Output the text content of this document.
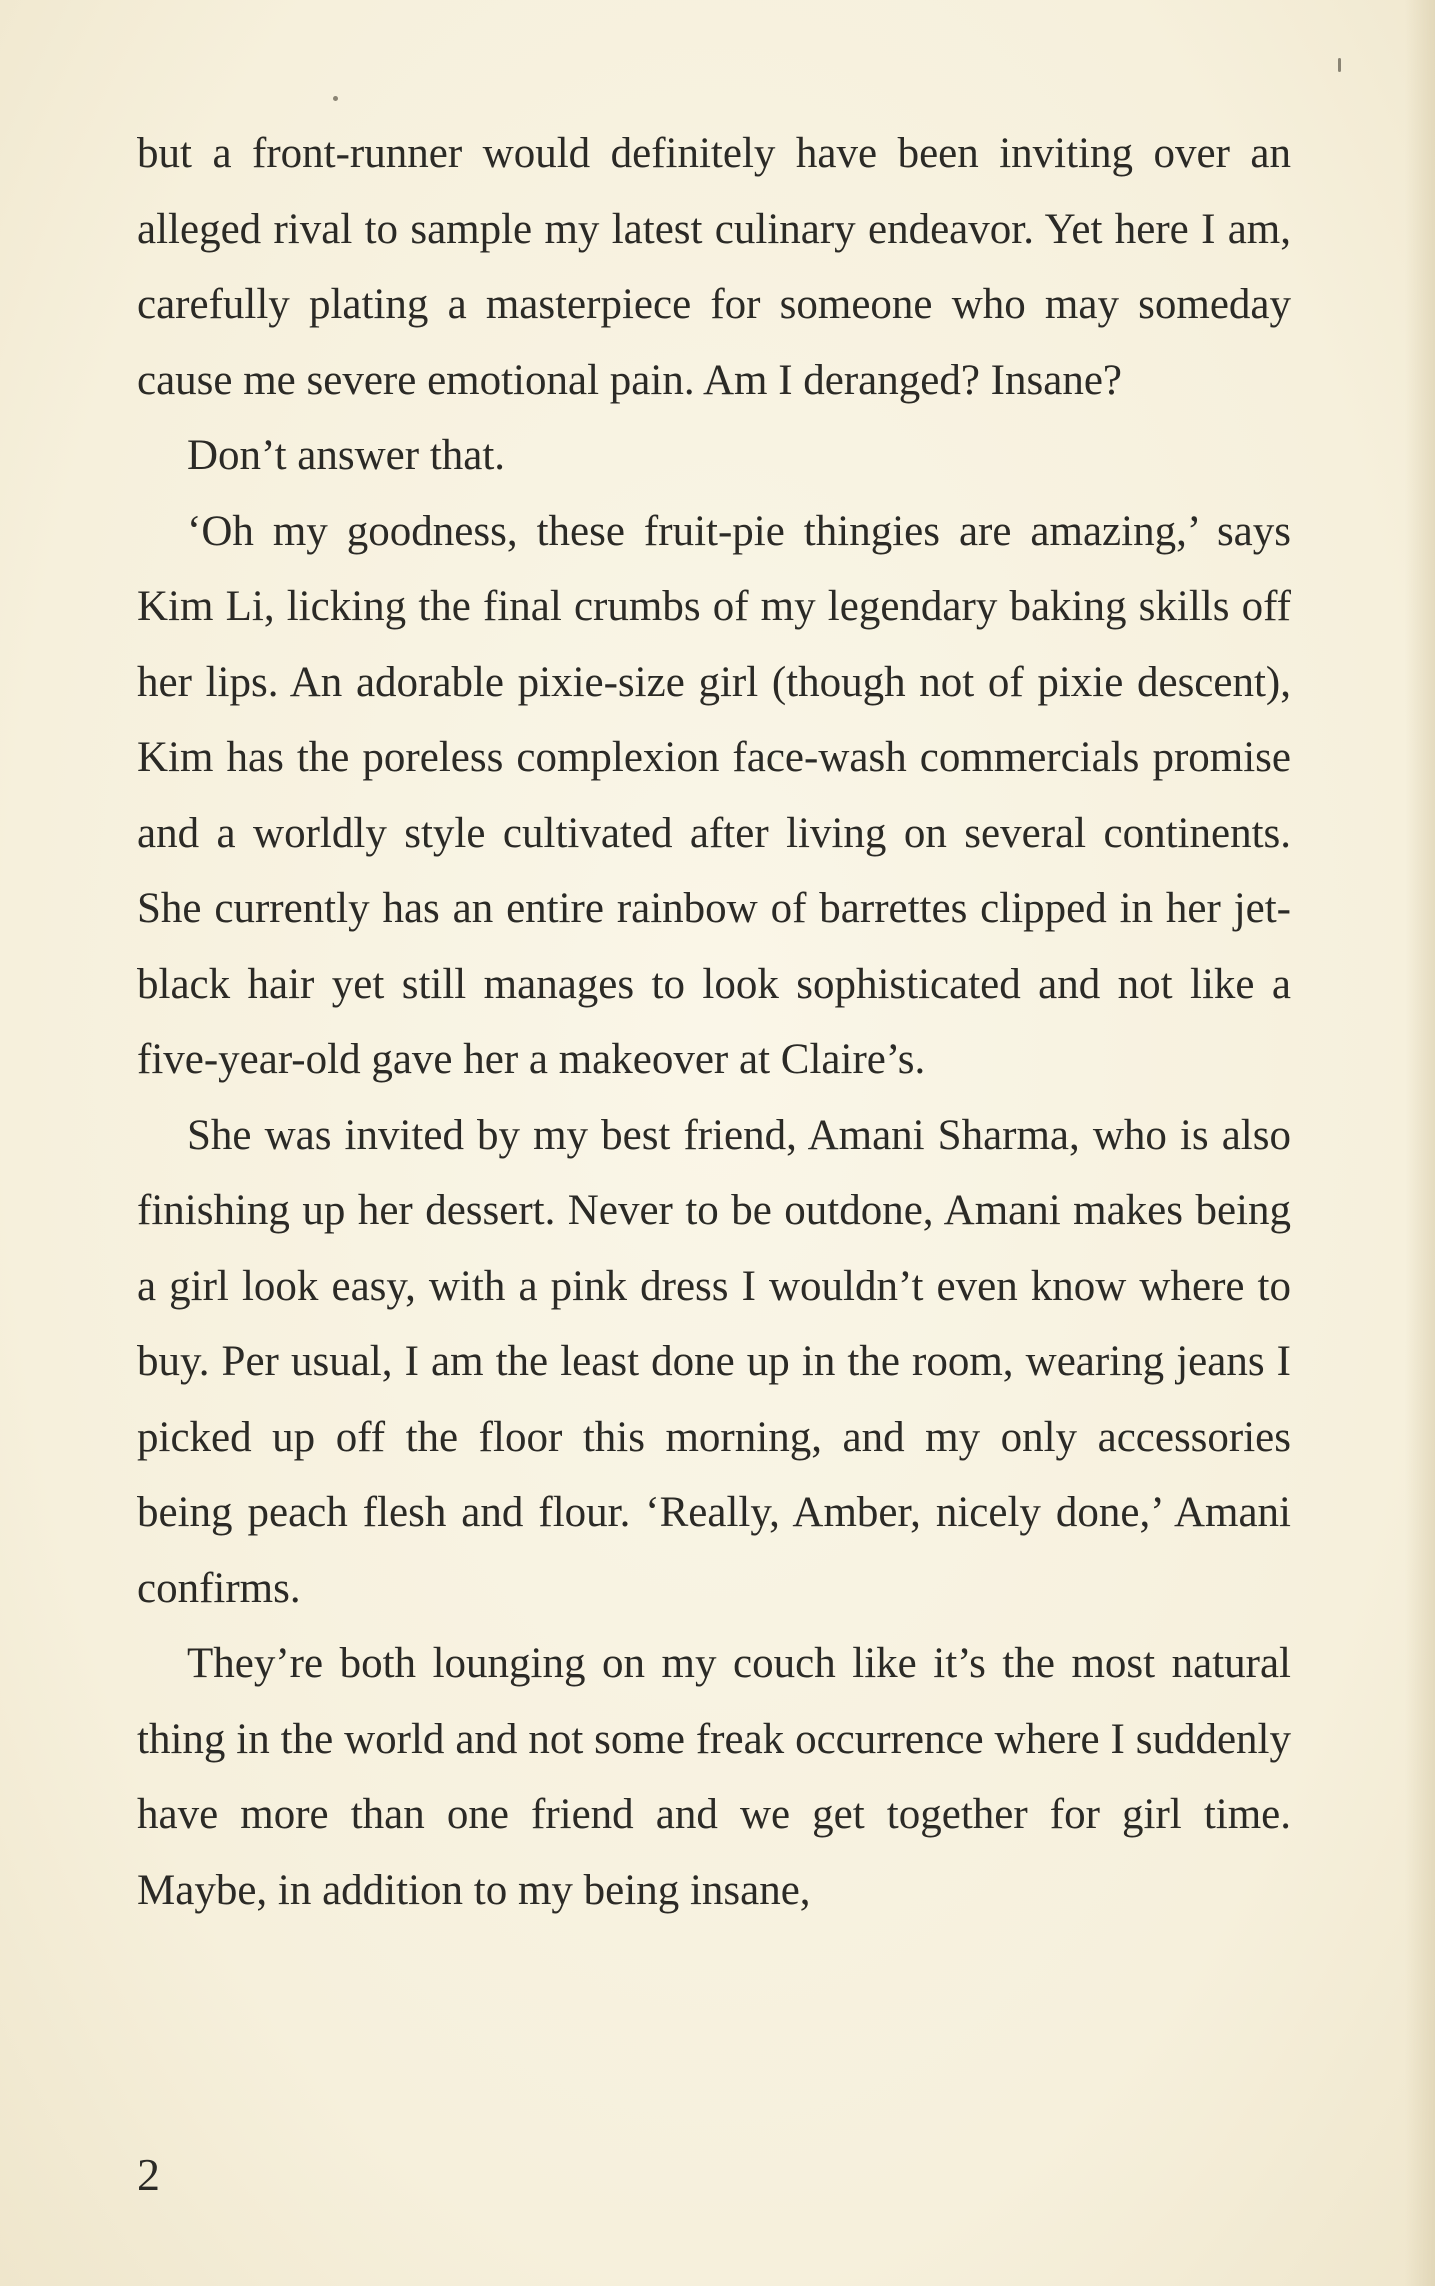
but a front-runner would definitely have been inviting over an alleged rival to sample my latest culinary endeavor. Yet here I am, carefully plating a masterpiece for someone who may someday cause me severe emotional pain. Am I deranged? Insane?

Don’t answer that.

‘Oh my goodness, these fruit-pie thingies are amazing,’ says Kim Li, licking the final crumbs of my legendary baking skills off her lips. An adorable pixie-size girl (though not of pixie descent), Kim has the poreless complexion face-wash commercials promise and a worldly style cultivated after living on several continents. She currently has an entire rainbow of barrettes clipped in her jet-black hair yet still manages to look sophisticated and not like a five-year-old gave her a makeover at Claire’s.

She was invited by my best friend, Amani Sharma, who is also finishing up her dessert. Never to be outdone, Amani makes being a girl look easy, with a pink dress I wouldn’t even know where to buy. Per usual, I am the least done up in the room, wearing jeans I picked up off the floor this morning, and my only accessories being peach flesh and flour. ‘Really, Amber, nicely done,’ Amani confirms.

They’re both lounging on my couch like it’s the most natural thing in the world and not some freak occurrence where I suddenly have more than one friend and we get together for girl time. Maybe, in addition to my being insane,

2
